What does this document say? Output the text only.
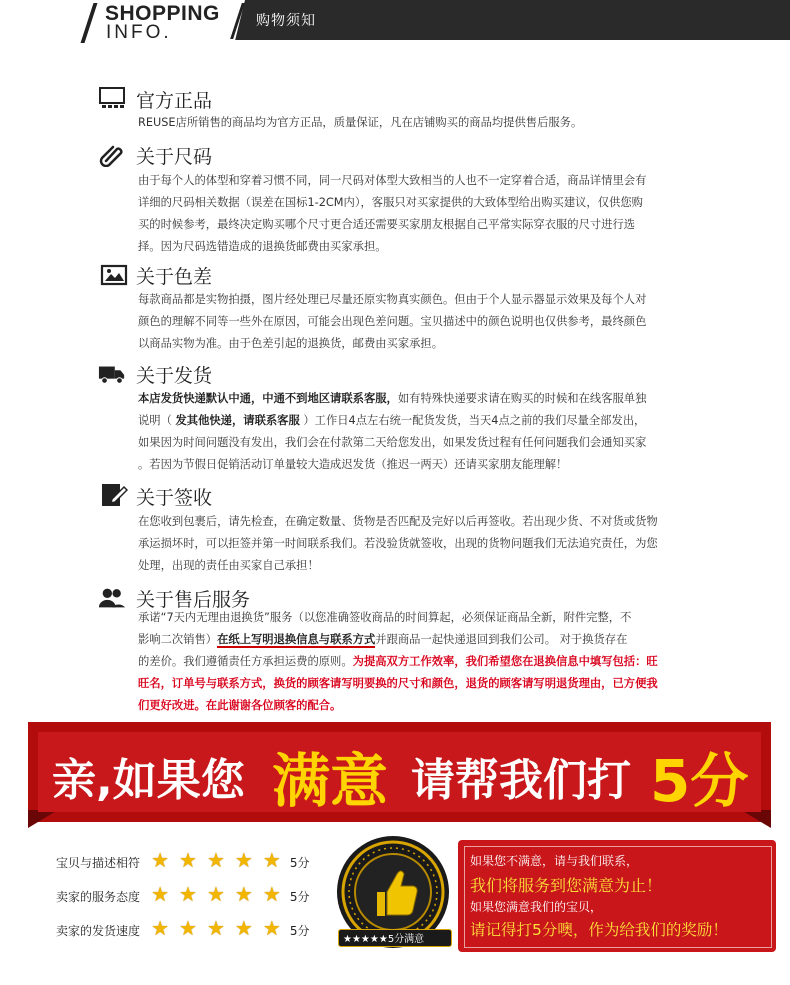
SHOPPING
INFO.
购物须知
官方正品
REUSE店所销售的商品均为官方正品，质量保证，凡在店铺购买的商品均提供售后服务。
关于尺码
由于每个人的体型和穿着习惯不同，同一尺码对体型大致相当的人也不一定穿着合适，商品详情里会有
详细的尺码相关数据（误差在国标1-2CM内），客服只对买家提供的大致体型给出购买建议，仅供您购
买的时候参考，最终决定购买哪个尺寸更合适还需要买家朋友根据自己平常实际穿衣服的尺寸进行选
择。因为尺码选错造成的退换货邮费由买家承担。
关于色差
每款商品都是实物拍摄，图片经处理已尽量还原实物真实颜色。但由于个人显示器显示效果及每个人对
颜色的理解不同等一些外在原因，可能会出现色差问题。宝贝描述中的颜色说明也仅供参考，最终颜色
以商品实物为准。由于色差引起的退换货，邮费由买家承担。
关于发货
本店发货快递默认中通，中通不到地区请联系客服，如有特殊快递要求请在购买的时候和在线客服单独
说明（ 发其他快递，请联系客服 ）工作日4点左右统一配货发货，当天4点之前的我们尽量全部发出，
如果因为时间问题没有发出，我们会在付款第二天给您发出，如果发货过程有任何问题我们会通知买家
。若因为节假日促销活动订单量较大造成迟发货（推迟一两天）还请买家朋友能理解！
关于签收
在您收到包裹后，请先检查，在确定数量、货物是否匹配及完好以后再签收。若出现少货、不对货或货物
承运损坏时，可以拒签并第一时间联系我们。若没验货就签收，出现的货物问题我们无法追究责任，为您
处理，出现的责任由买家自己承担！
关于售后服务
承诺“7天内无理由退换货”服务（以您准确签收商品的时间算起，必须保证商品全新，附件完整，不
影响二次销售）在纸上写明退换信息与联系方式并跟商品一起快递退回到我们公司。 对于换货存在
的差价。我们遵循责任方承担运费的原则。为提高双方工作效率，我们希望您在退换信息中填写包括：旺
旺名，订单号与联系方式，换货的顾客请写明要换的尺寸和颜色，退货的顾客请写明退货理由，已方便我
们更好改进。在此谢谢各位顾客的配合。
亲,如果您 满意 请帮我们打 5分
宝贝与描述相符 ★ ★ ★ ★ ★ 5分
卖家的服务态度 ★ ★ ★ ★ ★ 5分
卖家的发货速度 ★ ★ ★ ★ ★ 5分
★★★★★5分满意
如果您不满意，请与我们联系，
我们将服务到您满意为止！
如果您满意我们的宝贝，
请记得打5分噢，作为给我们的奖励！
